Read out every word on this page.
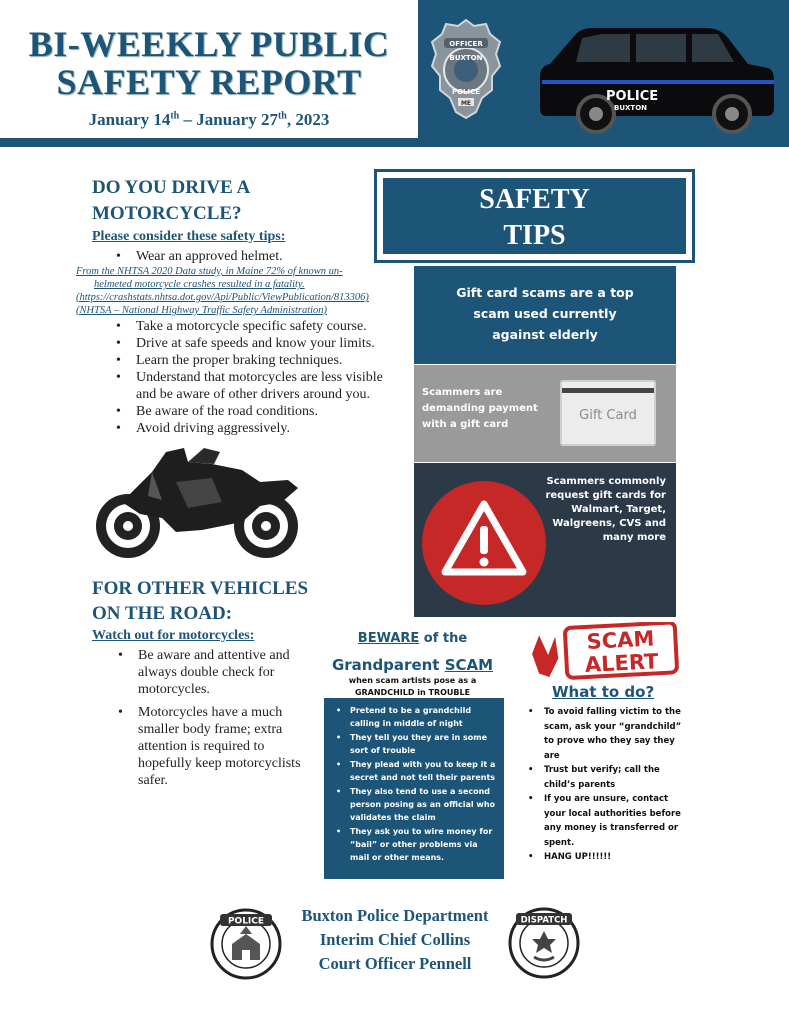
BI-WEEKLY PUBLIC
SAFETY REPORT
January 14th – January 27th, 2023
OFFICER
BUXTON
POLICE
ME	POLICE
BUXTON
DO YOU DRIVE A
MOTORCYCLE?
Please consider these safety tips:
• Wear an approved helmet.
From the NHTSA 2020 Data study, in Maine 72% of known un-
helmeted motorcycle crashes resulted in a fatality.
(https://crashstats.nhtsa.dot.gov/Api/Public/ViewPublication/813306)
(NHTSA – National Highway Traffic Safety Administration)
• Take a motorcycle specific safety course.
• Drive at safe speeds and know your limits.
• Learn the proper braking techniques.
• Understand that motorcycles are less visible and be aware of other drivers around you.
• Be aware of the road conditions.
• Avoid driving aggressively.
FOR OTHER VEHICLES
ON THE ROAD:
Watch out for motorcycles:
• Be aware and attentive and always double check for motorcycles.
• Motorcycles have a much smaller body frame; extra attention is required to hopefully keep motorcyclists safer.
SAFETY
TIPS
Gift card scams are a top
scam used currently
against elderly
Scammers are
demanding payment
with a gift card
Gift Card
Scammers commonly
request gift cards for
Walmart, Target,
Walgreens, CVS and
many more
BEWARE of the
Grandparent SCAM
when scam artists pose as a
GRANDCHILD in TROUBLE
• Pretend to be a grandchild calling in middle of night
• They tell you they are in some sort of trouble
• They plead with you to keep it a secret and not tell their parents
• They also tend to use a second person posing as an official who validates the claim
• They ask you to wire money for “bail” or other problems via mail or other means.
SCAM
ALERT
What to do?
• To avoid falling victim to the scam, ask your “grandchild” to prove who they say they are
• Trust but verify; call the child’s parents
• If you are unsure, contact your local authorities before any money is transferred or spent.
• HANG UP!!!!!!
POLICE	Buxton Police Department
Interim Chief Collins
Court Officer Pennell
DISPATCH
